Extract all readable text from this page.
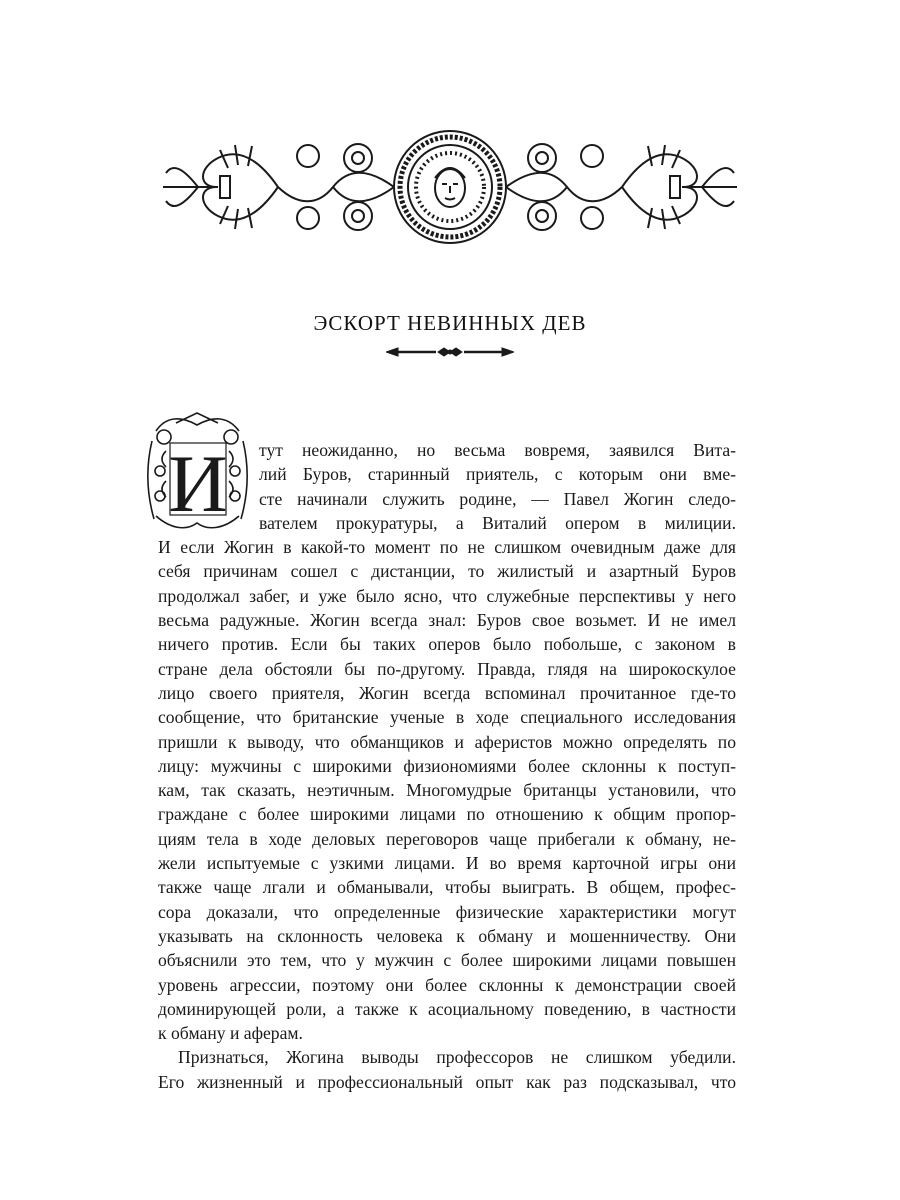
ЭСКОРТ НЕВИННЫХ ДЕВ
И тут неожиданно, но весьма вовремя, заявился Вита-
лий Буров, старинный приятель, с которым они вме-
сте начинали служить родине, — Павел Жогин следо-
вателем прокуратуры, а Виталий опером в милиции.
И если Жогин в какой-то момент по не слишком очевидным даже для
себя причинам сошел с дистанции, то жилистый и азартный Буров
продолжал забег, и уже было ясно, что служебные перспективы у него
весьма радужные. Жогин всегда знал: Буров свое возьмет. И не имел
ничего против. Если бы таких оперов было побольше, с законом в
стране дела обстояли бы по-другому. Правда, глядя на широкоскулое
лицо своего приятеля, Жогин всегда вспоминал прочитанное где-то
сообщение, что британские ученые в ходе специального исследования
пришли к выводу, что обманщиков и аферистов можно определять по
лицу: мужчины с широкими физиономиями более склонны к поступ-
кам, так сказать, неэтичным. Многомудрые британцы установили, что
граждане с более широкими лицами по отношению к общим пропор-
циям тела в ходе деловых переговоров чаще прибегали к обману, не-
жели испытуемые с узкими лицами. И во время карточной игры они
также чаще лгали и обманывали, чтобы выиграть. В общем, профес-
сора доказали, что определенные физические характеристики могут
указывать на склонность человека к обману и мошенничеству. Они
объяснили это тем, что у мужчин с более широкими лицами повышен
уровень агрессии, поэтому они более склонны к демонстрации своей
доминирующей роли, а также к асоциальному поведению, в частности
к обману и аферам.
Признаться, Жогина выводы профессоров не слишком убедили.
Его жизненный и профессиональный опыт как раз подсказывал, что
